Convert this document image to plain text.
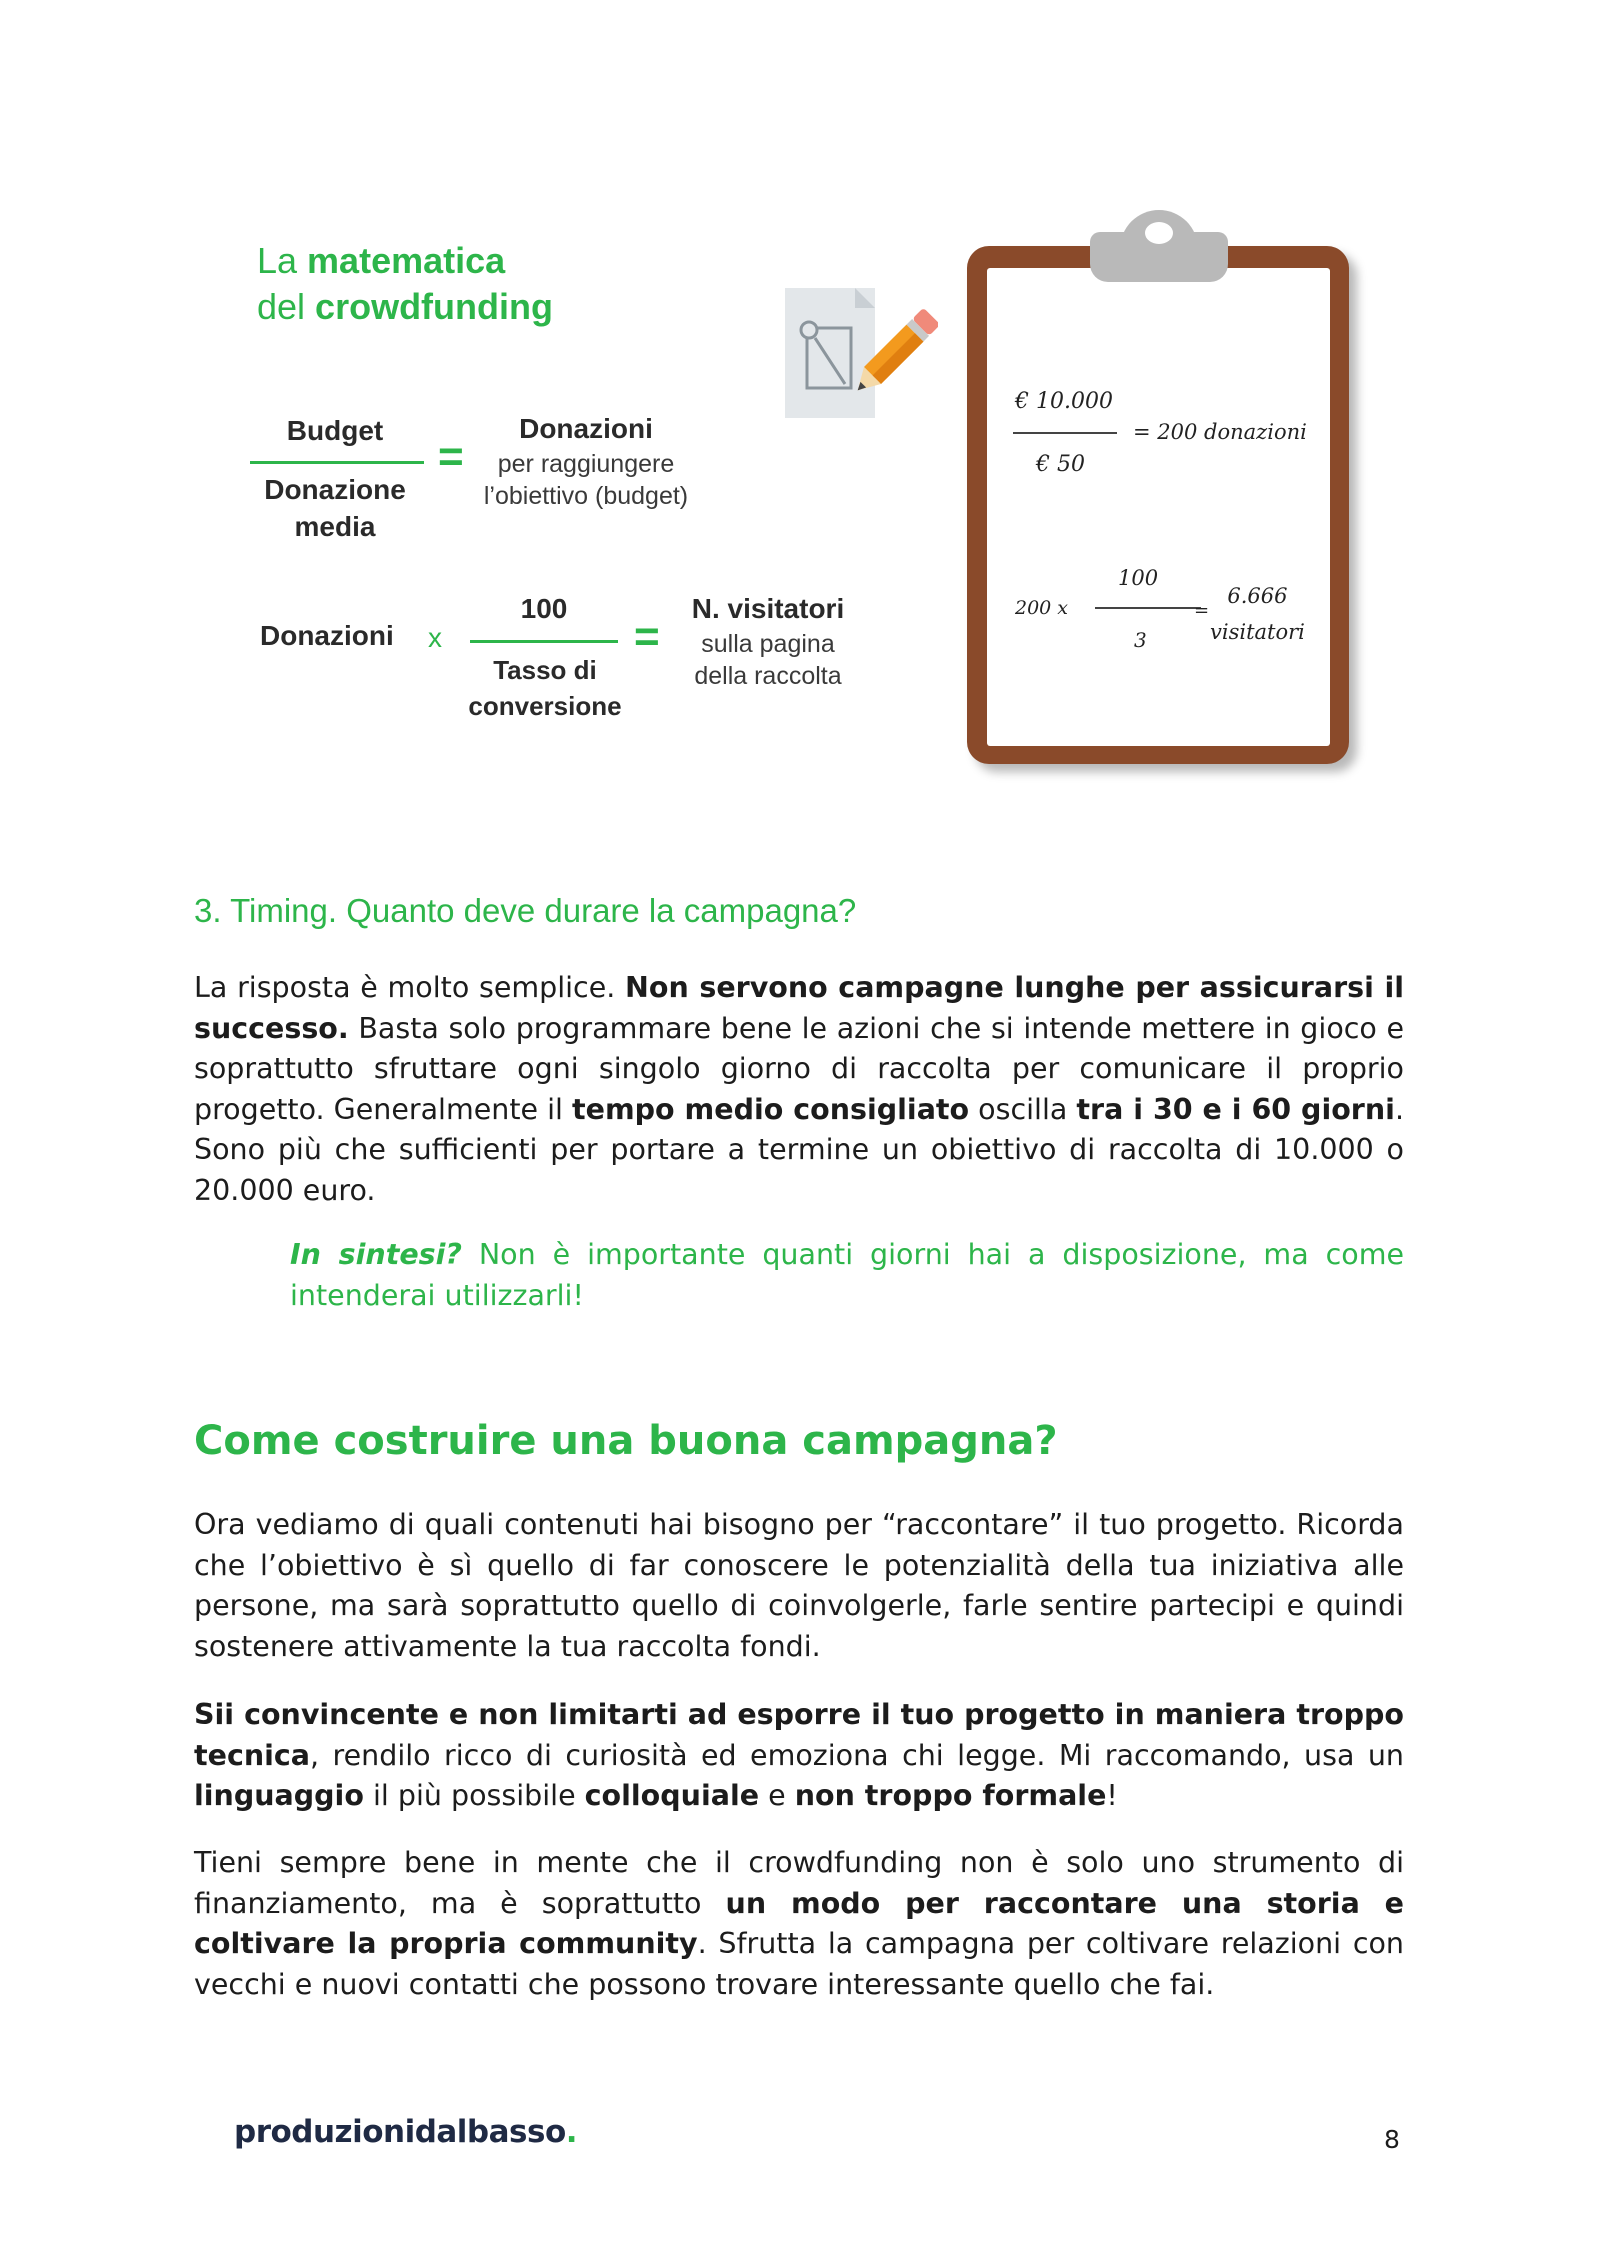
La matematica
del crowdfunding
Budget
Donazione
media
=
Donazioni
per raggiungere
l’obiettivo (budget)
Donazioni x
100
Tasso di
conversione
=
N. visitatori
sulla pagina
della raccolta
€ 10.000
€ 50
= 200 donazioni
200 x
100
3
=
6.666
visitatori
3. Timing. Quanto deve durare la campagna?
La risposta è molto semplice. Non servono campagne lunghe per assicurarsi il successo. Basta solo programmare bene le azioni che si intende mettere in gioco e soprattutto sfruttare ogni singolo giorno di raccolta per comunicare il proprio progetto. Generalmente il tempo medio consigliato oscilla tra i 30 e i 60 giorni. Sono più che sufficienti per portare a termine un obiettivo di raccolta di 10.000 o 20.000 euro.
In sintesi? Non è importante quanti giorni hai a disposizione, ma come intenderai utilizzarli!
Come costruire una buona campagna?
Ora vediamo di quali contenuti hai bisogno per “raccontare” il tuo progetto. Ricorda che l’obiettivo è sì quello di far conoscere le potenzialità della tua iniziativa alle persone, ma sarà soprattutto quello di coinvolgerle, farle sentire partecipi e quindi sostenere attivamente la tua raccolta fondi.
Sii convincente e non limitarti ad esporre il tuo progetto in maniera troppo tecnica, rendilo ricco di curiosità ed emoziona chi legge. Mi raccomando, usa un linguaggio il più possibile colloquiale e non troppo formale!
Tieni sempre bene in mente che il crowdfunding non è solo uno strumento di finanziamento, ma è soprattutto un modo per raccontare una storia e coltivare la propria community. Sfrutta la campagna per coltivare relazioni con vecchi e nuovi contatti che possono trovare interessante quello che fai.
produzionidalbasso.	8
